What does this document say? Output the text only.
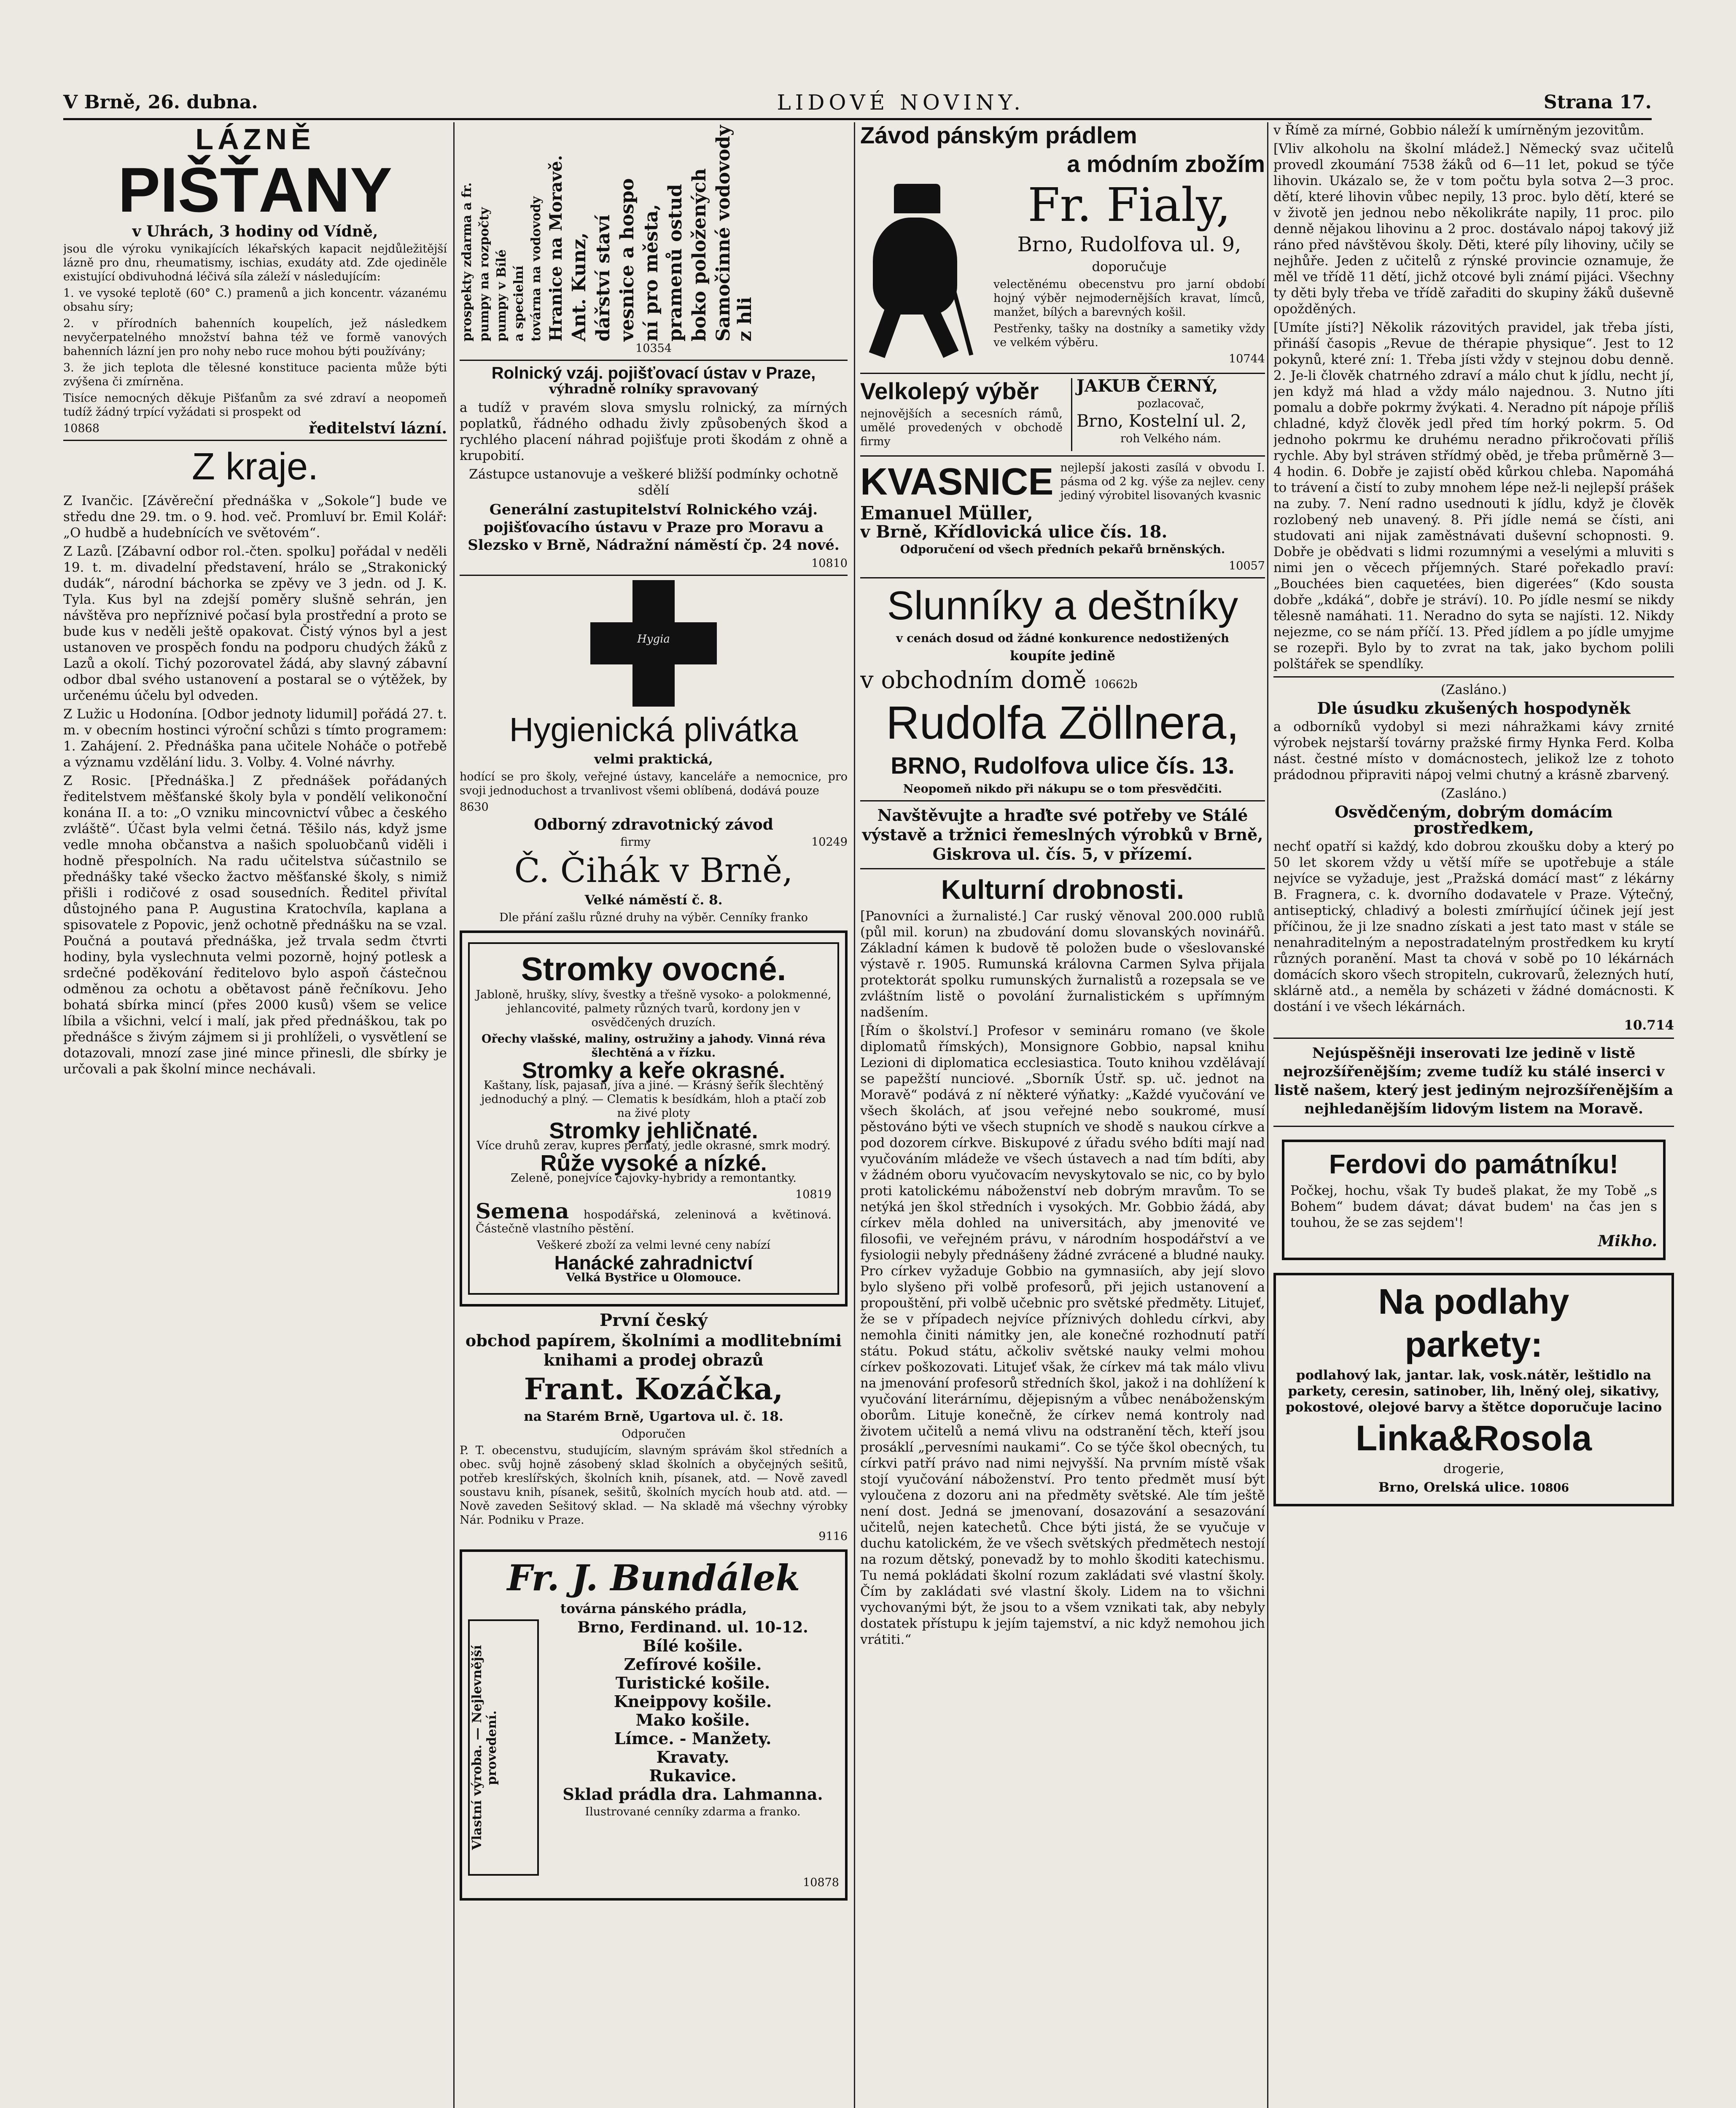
V Brně, 26. dubna.	LIDOVÉ NOVINY.	Strana 17.
LÁZNĚ
PIŠŤANY

v Uhrách, 3 hodiny od Vídně,

jsou dle výroku vynikajících lékařských kapacit nejdůležitější lázně pro dnu, rheumatismy, ischias, exudáty atd. Zde ojediněle existující obdivuhodná léčivá síla záleží v následujícím:

1. ve vysoké teplotě (60° C.) pramenů a jich koncentr. vázanému obsahu síry;

2. v přírodních bahenních koupelích, jež následkem nevyčerpatelného množství bahna též ve formě vanových bahenních lázní jen pro nohy nebo ruce mohou býti používány;

3. že jich teplota dle tělesné konstituce pacienta může býti zvýšena či zmírněna.

Tisíce nemocných děkuje Pišťanům za své zdraví a neopomeň tudíž žádný trpící vyžádati si prospekt od

10868	ředitelství lázní.

Z kraje.

Z Ivančic. [Závěreční přednáška v „Sokole“] bude ve středu dne 29. tm. o 9. hod. več. Promluví br. Emil Kolář: „O hudbě a hudebnících ve světovém“.

Z Lazů. [Zábavní odbor rol.-čten. spolku] pořádal v neděli 19. t. m. divadelní představení, hrálo se „Strakonický dudák“, národní báchorka se zpěvy ve 3 jedn. od J. K. Tyla. Kus byl na zdejší poměry slušně sehrán, jen návštěva pro nepříznivé počasí byla prostřední a proto se bude kus v neděli ještě opakovat. Čistý výnos byl a jest ustanoven ve prospěch fondu na podporu chudých žáků z Lazů a okolí. Tichý pozorovatel žádá, aby slavný zábavní odbor dbal svého ustanovení a postaral se o výtěžek, by určenému účelu byl odveden.

Z Lužic u Hodonína. [Odbor jednoty lidumil] pořádá 27. t. m. v obecním hostinci výroční schůzi s tímto programem: 1. Zahájení. 2. Přednáška pana učitele Noháče o potřebě a významu vzdělání lidu. 3. Volby. 4. Volné návrhy.

Z Rosic. [Přednáška.] Z přednášek pořádaných ředitelstvem měšťanské školy byla v pondělí velikonoční konána II. a to: „O vzniku mincovnictví vůbec a českého zvláště“. Účast byla velmi četná. Těšilo nás, když jsme vedle mnoha občanstva a našich spoluobčanů viděli i hodně přespolních. Na radu učitelstva súčastnilo se přednášky také všecko žactvo měšťanské školy, s nimiž přišli i rodičové z osad sousedních. Ředitel přivítal důstojného pana P. Augustina Kratochvíla, kaplana a spisovatele z Popovic, jenž ochotně přednášku na se vzal. Poučná a poutavá přednáška, jež trvala sedm čtvrti hodiny, byla vyslechnuta velmi pozorně, hojný potlesk a srdečné poděkování ředitelovo bylo aspoň částečnou odměnou za ochotu a obětavost páně řečníkovu. Jeho bohatá sbírka mincí (přes 2000 kusů) všem se velice líbila a všichni, velcí i malí, jak před přednáškou, tak po přednášce s živým zájmem si ji prohlíželi, o vysvětlení se dotazovali, mnozí zase jiné mince přinesli, dle sbírky je určovali a pak školní mince nechávali.

prospekty zdarma a fr. pumpy na rozpočty pumpy v Bílé a specielní továrna na vodovody Hranice na Moravě. Ant. Kunz, dářství staví vesnice a hospo ní pro města, pramenů ostud boko položených Samočinné vodovody z hli

10354

Rolnický vzáj. pojišťovací ústav v Praze,

výhradně rolníky spravovaný

a tudíž v pravém slova smyslu rolnický, za mírných poplatků, řádného odhadu živly způsobených škod a rychlého placení náhrad pojišťuje proti škodám z ohně a krupobití.

Zástupce ustanovuje a veškeré bližší podmínky ochotně sdělí

Generální zastupitelství Rolnického vzáj. pojišťovacího ústavu v Praze pro Moravu a Slezsko v Brně, Nádražní náměstí čp. 24 nové.

10810

Hygia

Hygienická plivátka

velmi praktická,

hodící se pro školy, veřejné ústavy, kanceláře a nemocnice, pro svoji jednoduchost a trvanlivost všemi oblíbená, dodává pouze

8630

Odborný zdravotnický závod

firmy	10249

Č. Čihák v Brně,

Velké náměstí č. 8.

Dle přání zašlu různé druhy na výběr. Cenníky franko

Stromky ovocné.

Jabloně, hrušky, slívy, švestky a třešně vysoko- a polokmenné, jehlancovité, palmety různých tvarů, kordony jen v osvědčených druzích.

Ořechy vlašské, maliny, ostružiny a jahody. Vinná réva šlechtěná a v řízku.

Stromky a keře okrasné.

Kaštany, lísk, pajasan, jíva a jiné. — Krásný šeřík šlechtěný jednoduchý a plný. — Clematis k besídkám, hloh a ptačí zob na živé ploty

Stromky jehličnaté.

Více druhů zerav, kupres pernatý, jedle okrasné, smrk modrý.

Růže vysoké a nízké.

Zeleně, ponejvíce čajovky-hybridy a remontantky.

10819

Semena hospodářská, zeleninová a květinová. Částečně vlastního pěstění.

Veškeré zboží za velmi levné ceny nabízí

Hanácké zahradnictví

Velká Bystřice u Olomouce.

První český

obchod papírem, školními a modlitebními knihami a prodej obrazů

Frant. Kozáčka,

na Starém Brně, Ugartova ul. č. 18.

Odporučen

P. T. obecenstvu, studujícím, slavným správám škol středních a obec. svůj hojně zásobený sklad školních a obyčejných sešitů, potřeb kreslířských, školních knih, písanek, atd. — Nově zavedl soustavu knih, písanek, sešitů, školních mycích houb atd. atd. — Nově zaveden Sešitový sklad. — Na skladě má všechny výrobky Nár. Podniku v Praze.

9116

Fr. J. Bundálek

továrna pánského prádla,

Vlastní výroba. — Nejlevnější provedení.

Brno, Ferdinand. ul. 10-12.

Bílé košile.

Zefírové košile.

Turistické košile.

Kneippovy košile.

Mako košile.

Límce. - Manžety.

Kravaty.

Rukavice.

Sklad prádla dra. Lahmanna.

Ilustrované cenníky zdarma a franko.

10878

Závod pánským prádlem

a módním zbožím

Fr. Fialy,

Brno, Rudolfova ul. 9,

doporučuje

velectěnému obecenstvu pro jarní období hojný výběr nejmodernějších kravat, límců, manžet, bílých a barevných košil.

Pestřenky, tašky na dostníky a sametiky vždy ve velkém výběru.

10744

Velkolepý výběr

nejnovějších a secesních rámů, umělé provedených v obchodě firmy

JAKUB ČERNÝ,

pozlacovač,

Brno, Kostelní ul. 2,

roh Velkého nám.

KVASNICE nejlepší jakosti zasílá v obvodu I. pásma od 2 kg. výše za nejlev. ceny jediný výrobitel lisovaných kvasnic

Emanuel Müller,

v Brně, Křídlovická ulice čís. 18.

Odporučení od všech předních pekařů brněnských.

10057

Slunníky a deštníky

v cenách dosud od žádné konkurence nedostižených

koupíte jedině

v obchodním domě 10662b

Rudolfa Zöllnera,

BRNO, Rudolfova ulice čís. 13.

Neopomeň nikdo při nákupu se o tom přesvědčiti.

Navštěvujte a hraďte své potřeby ve Stálé výstavě a tržnici řemeslných výrobků v Brně, Giskrova ul. čís. 5, v přízemí.

Kulturní drobnosti.

[Panovníci a žurnalisté.] Car ruský věnoval 200.000 rublů (půl mil. korun) na zbudování domu slovanských novinářů. Základní kámen k budově tě položen bude o všeslovanské výstavě r. 1905. Rumunská královna Carmen Sylva přijala protektorát spolku rumunských žurnalistů a rozepsala se ve zvláštním listě o povolání žurnalistickém s upřímným nadšením.

[Řím o školství.] Profesor v semináru romano (ve škole diplomatů římských), Monsignore Gobbio, napsal knihu Lezioni di diplomatica ecclesiastica. Touto knihou vzdělávají se papežští nunciové. „Sborník Ústř. sp. uč. jednot na Moravě“ podává z ní některé výňatky: „Každé vyučování ve všech školách, ať jsou veřejné nebo soukromé, musí pěstováno býti ve všech stupních ve shodě s naukou církve a pod dozorem církve. Biskupové z úřadu svého bdíti mají nad vyučováním mládeže ve všech ústavech a nad tím bdíti, aby v žádném oboru vyučovacím nevyskytovalo se nic, co by bylo proti katolickému náboženství neb dobrým mravům. To se netýká jen škol středních i vysokých. Mr. Gobbio žádá, aby církev měla dohled na universitách, aby jmenovité ve filosofii, ve veřejném právu, v národním hospodářství a ve fysiologii nebyly přednášeny žádné zvrácené a bludné nauky. Pro církev vyžaduje Gobbio na gymnasiích, aby její slovo bylo slyšeno při volbě profesorů, při jejich ustanovení a propouštění, při volbě učebnic pro světské předměty. Litujeť, že se v případech nejvíce příznivých dohledu církvi, aby nemohla činiti námitky jen, ale konečné rozhodnutí patří státu. Pokud státu, ačkoliv světské nauky velmi mohou církev poškozovati. Litujeť však, že církev má tak málo vlivu na jmenování profesorů středních škol, jakož i na dohlížení k vyučování literárnímu, dějepisným a vůbec nenáboženským oborům. Lituje konečně, že církev nemá kontroly nad životem učitelů a nemá vlivu na odstranění těch, kteří jsou prosáklí „pervesními naukami“. Co se týče škol obecných, tu církvi patří právo nad nimi nejvyšší. Na prvním místě však stojí vyučování náboženství. Pro tento předmět musí být vyloučena z dozoru ani na předměty světské. Ale tím ještě není dost. Jedná se jmenovaní, dosazování a sesazování učitelů, nejen katechetů. Chce býti jistá, že se vyučuje v duchu katolickém, že ve všech světských předmětech nestojí na rozum dětský, ponevadž by to mohlo škoditi katechismu. Tu nemá pokládati školní rozum zakládati své vlastní školy. Čím by zakládati své vlastní školy. Lidem na to všichni vychovanými být, že jsou to a všem vznikati tak, aby nebyly dostatek přístupu k jejím tajemství, a nic když nemohou jich vrátiti.“

v Římě za mírné, Gobbio náleží k umírněným jezovitům.

[Vliv alkoholu na školní mládež.] Německý svaz učitelů provedl zkoumání 7538 žáků od 6—11 let, pokud se týče lihovin. Ukázalo se, že v tom počtu byla sotva 2—3 proc. dětí, které lihovin vůbec nepily, 13 proc. bylo dětí, které se v životě jen jednou nebo několikráte napily, 11 proc. pilo denně nějakou lihovinu a 2 proc. dostávalo nápoj takový již ráno před návštěvou školy. Děti, které píly lihoviny, učily se nejhůře. Jeden z učitelů z rýnské provincie oznamuje, že měl ve třídě 11 dětí, jichž otcové byli známí pijáci. Všechny ty děti byly třeba ve třídě zařaditi do skupiny žáků duševně opožděných.

[Umíte jísti?] Několik rázovitých pravidel, jak třeba jísti, přináší časopis „Revue de thérapie physique“. Jest to 12 pokynů, které zní: 1. Třeba jísti vždy v stejnou dobu denně. 2. Je-li člověk chatrného zdraví a málo chut k jídlu, necht jí, jen když má hlad a vždy málo najednou. 3. Nutno jíti pomalu a dobře pokrmy žvýkati. 4. Neradno pít nápoje příliš chladné, když člověk jedl před tím horký pokrm. 5. Od jednoho pokrmu ke druhému neradno přikročovati příliš rychle. Aby byl stráven střídmý oběd, je třeba průměrně 3—4 hodin. 6. Dobře je zajistí oběd kůrkou chleba. Napomáhá to trávení a čistí to zuby mnohem lépe než-li nejlepší prášek na zuby. 7. Není radno usednouti k jídlu, když je člověk rozlobený neb unavený. 8. Při jídle nemá se čísti, ani studovati ani nijak zaměstnávati duševní schopnosti. 9. Dobře je obědvati s lidmi rozumnými a veselými a mluviti s nimi jen o věcech příjemných. Staré pořekadlo praví: „Bouchées bien caquetées, bien digerées“ (Kdo sousta dobře „kdáká“, dobře je stráví). 10. Po jídle nesmí se nikdy tělesně namáhati. 11. Neradno do syta se najísti. 12. Nikdy nejezme, co se nám příčí. 13. Před jídlem a po jídle umyjme se rozepři. Bylo by to zvrat na tak, jako bychom polili polštářek se spendlíky.

(Zasláno.)

Dle úsudku zkušených hospodyněk

a odborníků vydobyl si mezi náhražkami kávy zrnité výrobek nejstarší továrny pražské firmy Hynka Ferd. Kolba nást. čestné místo v domácnostech, jelikož lze z tohoto prádodnou připraviti nápoj velmi chutný a krásně zbarvený.

(Zasláno.)

Osvědčeným, dobrým domácím prostředkem,

nechť opatří si každý, kdo dobrou zkoušku doby a který po 50 let skorem vždy u větší míře se upotřebuje a stále nejvíce se vyžaduje, jest „Pražská domácí mast“ z lékárny B. Fragnera, c. k. dvorního dodavatele v Praze. Výtečný, antiseptický, chladivý a bolesti zmírňující účinek její jest příčinou, že ji lze snadno získati a jest tato mast v stále se nenahraditelným a nepostradatelným prostředkem ku krytí různých poranění. Mast ta chová v sobě po 10 lékárnách domácích skoro všech stropiteln, cukrovarů, železných hutí, sklárně atd., a neměla by scházeti v žádné domácnosti. K dostání i ve všech lékárnách.

10.714

Nejúspěšněji inserovati lze jedině v listě nejrozšířenějším; zveme tudíž ku stálé inserci v listě našem, který jest jediným nejrozšířenějším a nejhledanějším lidovým listem na Moravě.

Ferdovi do památníku!

Počkej, hochu, však Ty budeš plakat, že my Tobě „s Bohem“ budem dávat; dávat budem' na čas jen s touhou, že se zas sejdem'!

Mikho.

Na podlahy

parkety:

podlahový lak, jantar. lak, vosk.nátěr, leštidlo na parkety, ceresin, satinober, lih, lněný olej, sikativy, pokostové, olejové barvy a štětce doporučuje lacino

Linka&Rosola

drogerie,

Brno, Orelská ulice. 10806
